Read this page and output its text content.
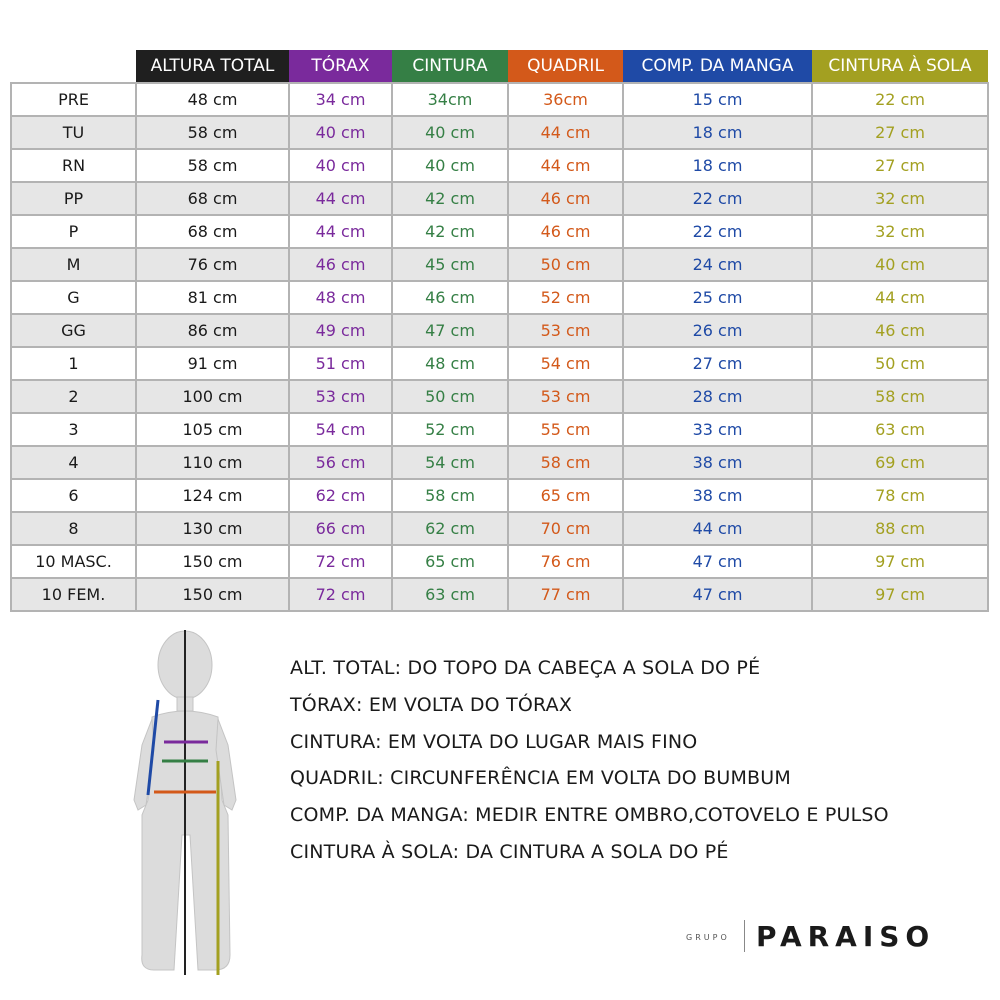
	ALTURA TOTAL	TÓRAX	CINTURA	QUADRIL	COMP. DA MANGA	CINTURA À SOLA
PRE	48 cm	34 cm	34cm	36cm	15 cm	22 cm
TU	58 cm	40 cm	40 cm	44 cm	18 cm	27 cm
RN	58 cm	40 cm	40 cm	44 cm	18 cm	27 cm
PP	68 cm	44 cm	42 cm	46 cm	22 cm	32 cm
P	68 cm	44 cm	42 cm	46 cm	22 cm	32 cm
M	76 cm	46 cm	45 cm	50 cm	24 cm	40 cm
G	81 cm	48 cm	46 cm	52 cm	25 cm	44 cm
GG	86 cm	49 cm	47 cm	53 cm	26 cm	46 cm
1	91 cm	51 cm	48 cm	54 cm	27 cm	50 cm
2	100 cm	53 cm	50 cm	53 cm	28 cm	58 cm
3	105 cm	54 cm	52 cm	55 cm	33 cm	63 cm
4	110 cm	56 cm	54 cm	58 cm	38 cm	69 cm
6	124 cm	62 cm	58 cm	65 cm	38 cm	78 cm
8	130 cm	66 cm	62 cm	70 cm	44 cm	88 cm
10 MASC.	150 cm	72 cm	65 cm	76 cm	47 cm	97 cm
10 FEM.	150 cm	72 cm	63 cm	77 cm	47 cm	97 cm
ALT. TOTAL: DO TOPO DA CABEÇA A SOLA DO PÉ
TÓRAX: EM VOLTA DO TÓRAX
CINTURA: EM VOLTA DO LUGAR MAIS FINO
QUADRIL: CIRCUNFERÊNCIA EM VOLTA DO BUMBUM
COMP. DA MANGA: MEDIR ENTRE OMBRO,COTOVELO E PULSO
CINTURA À SOLA: DA CINTURA A SOLA DO PÉ
GRUPO PARAISO
